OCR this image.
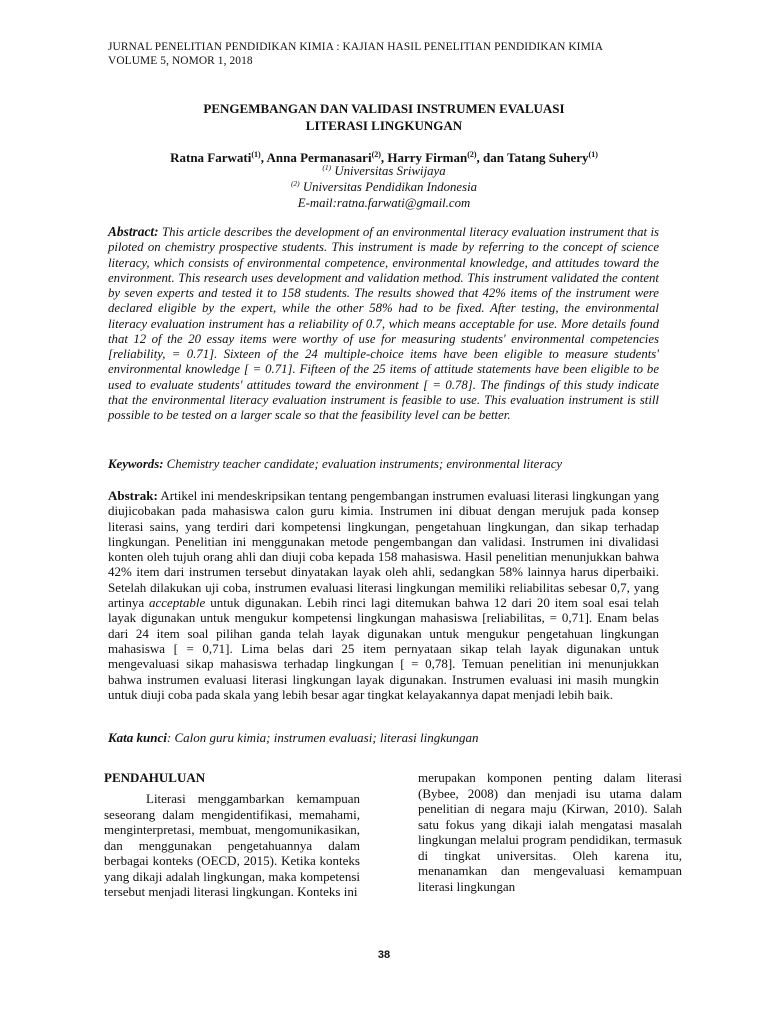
JURNAL PENELITIAN PENDIDIKAN KIMIA : KAJIAN HASIL PENELITIAN PENDIDIKAN KIMIA
VOLUME 5, NOMOR 1, 2018
PENGEMBANGAN DAN VALIDASI INSTRUMEN EVALUASI
LITERASI LINGKUNGAN
Ratna Farwati$^{(1)}$, Anna Permanasari$^{(2)}$, Harry Firman$^{(2)}$, dan Tatang Suhery$^{(1)}$
$^{(1)}$ Universitas Sriwijaya
$^{(2)}$ Universitas Pendidikan Indonesia
E-mail:ratna.farwati@gmail.com
Abstract: This article describes the development of an environmental literacy evaluation instrument that is piloted on chemistry prospective students. This instrument is made by referring to the concept of science literacy, which consists of environmental competence, environmental knowledge, and attitudes toward the environment. This research uses development and validation method. This instrument validated the content by seven experts and tested it to 158 students. The results showed that 42% items of the instrument were declared eligible by the expert, while the other 58% had to be fixed. After testing, the environmental literacy evaluation instrument has a reliability of 0.7, which means acceptable for use. More details found that 12 of the 20 essay items were worthy of use for measuring students' environmental competencies [reliability, = 0.71]. Sixteen of the 24 multiple-choice items have been eligible to measure students' environmental knowledge [ = 0.71]. Fifteen of the 25 items of attitude statements have been eligible to be used to evaluate students' attitudes toward the environment [ = 0.78]. The findings of this study indicate that the environmental literacy evaluation instrument is feasible to use. This evaluation instrument is still possible to be tested on a larger scale so that the feasibility level can be better.
Keywords: Chemistry teacher candidate; evaluation instruments; environmental literacy
Abstrak: Artikel ini mendeskripsikan tentang pengembangan instrumen evaluasi literasi lingkungan yang diujicobakan pada mahasiswa calon guru kimia. Instrumen ini dibuat dengan merujuk pada konsep literasi sains, yang terdiri dari kompetensi lingkungan, pengetahuan lingkungan, dan sikap terhadap lingkungan. Penelitian ini menggunakan metode pengembangan dan validasi. Instrumen ini divalidasi konten oleh tujuh orang ahli dan diuji coba kepada 158 mahasiswa. Hasil penelitian menunjukkan bahwa 42% item dari instrumen tersebut dinyatakan layak oleh ahli, sedangkan 58% lainnya harus diperbaiki. Setelah dilakukan uji coba, instrumen evaluasi literasi lingkungan memiliki reliabilitas sebesar 0,7, yang artinya acceptable untuk digunakan. Lebih rinci lagi ditemukan bahwa 12 dari 20 item soal esai telah layak digunakan untuk mengukur kompetensi lingkungan mahasiswa [reliabilitas, = 0,71]. Enam belas dari 24 item soal pilihan ganda telah layak digunakan untuk mengukur pengetahuan lingkungan mahasiswa [ = 0,71]. Lima belas dari 25 item pernyataan sikap telah layak digunakan untuk mengevaluasi sikap mahasiswa terhadap lingkungan [ = 0,78]. Temuan penelitian ini menunjukkan bahwa instrumen evaluasi literasi lingkungan layak digunakan. Instrumen evaluasi ini masih mungkin untuk diuji coba pada skala yang lebih besar agar tingkat kelayakannya dapat menjadi lebih baik.
Kata kunci: Calon guru kimia; instrumen evaluasi; literasi lingkungan
PENDAHULUAN
Literasi menggambarkan kemampuan seseorang dalam mengidentifikasi, memahami, menginterpretasi, membuat, mengomunikasikan, dan menggunakan pengetahuannya dalam berbagai konteks (OECD, 2015). Ketika konteks yang dikaji adalah lingkungan, maka kompetensi tersebut menjadi literasi lingkungan. Konteks ini
merupakan komponen penting dalam literasi (Bybee, 2008) dan menjadi isu utama dalam penelitian di negara maju (Kirwan, 2010). Salah satu fokus yang dikaji ialah mengatasi masalah lingkungan melalui program pendidikan, termasuk di tingkat universitas. Oleh karena itu, menanamkan dan mengevaluasi kemampuan literasi lingkungan
38
